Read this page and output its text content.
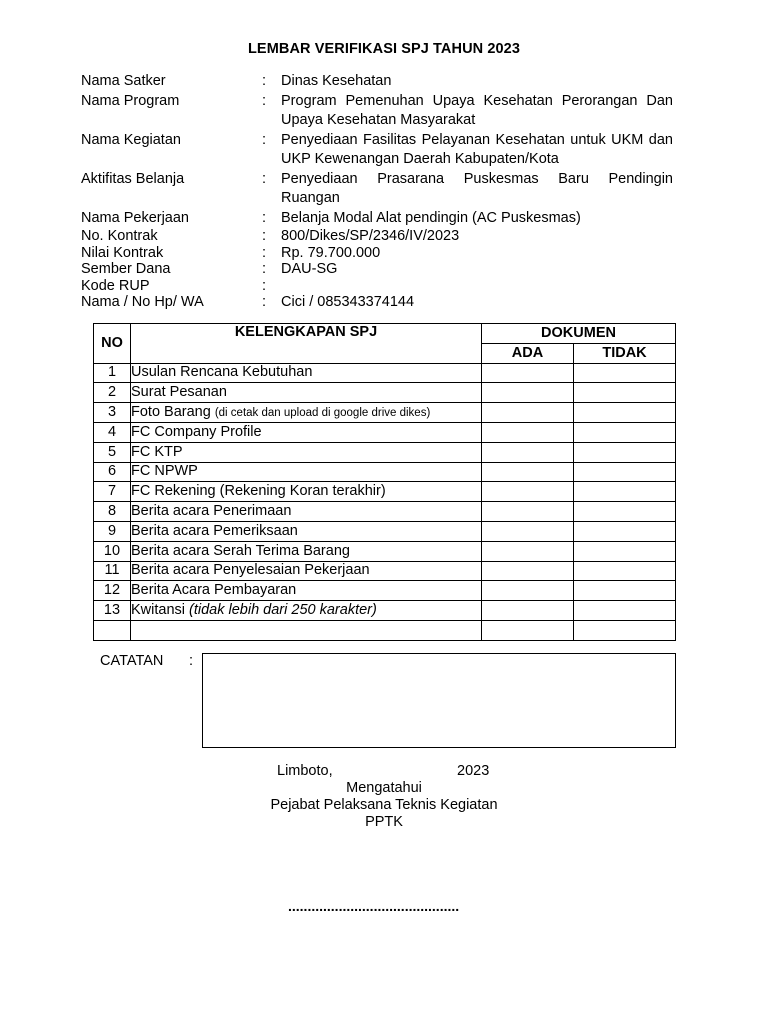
LEMBAR VERIFIKASI SPJ TAHUN 2023
Nama Satker	:	Dinas Kesehatan
Nama Program	:	Program Pemenuhan Upaya Kesehatan Perorangan Dan Upaya Kesehatan Masyarakat
Nama Kegiatan	:	Penyediaan Fasilitas Pelayanan Kesehatan untuk UKM dan UKP Kewenangan Daerah Kabupaten/Kota
Aktifitas Belanja	:	Penyediaan Prasarana Puskesmas Baru Pendingin Ruangan
Nama Pekerjaan	:	Belanja Modal Alat pendingin (AC Puskesmas)
No. Kontrak	:	800/Dikes/SP/2346/IV/2023
Nilai Kontrak	:	Rp. 79.700.000
Sember Dana	:	DAU-SG
Kode RUP	:
Nama / No Hp/ WA	:	Cici / 085343374144
NO	KELENGKAPAN SPJ	DOKUMEN	
		ADA	TIDAK
1	Usulan Rencana Kebutuhan		
2	Surat Pesanan		
3	Foto Barang (di cetak dan upload di google drive dikes)		
4	FC Company Profile		
5	FC KTP		
6	FC NPWP		
7	FC Rekening (Rekening Koran terakhir)		
8	Berita acara Penerimaan		
9	Berita acara Pemeriksaan		
10	Berita acara Serah Terima Barang		
11	Berita acara Penyelesaian Pekerjaan		
12	Berita Acara Pembayaran		
13	Kwitansi (tidak lebih dari 250 karakter)		

CATATAN :
Limboto,	2023
Mengatahui
Pejabat Pelaksana Teknis Kegiatan
PPTK
............................................
